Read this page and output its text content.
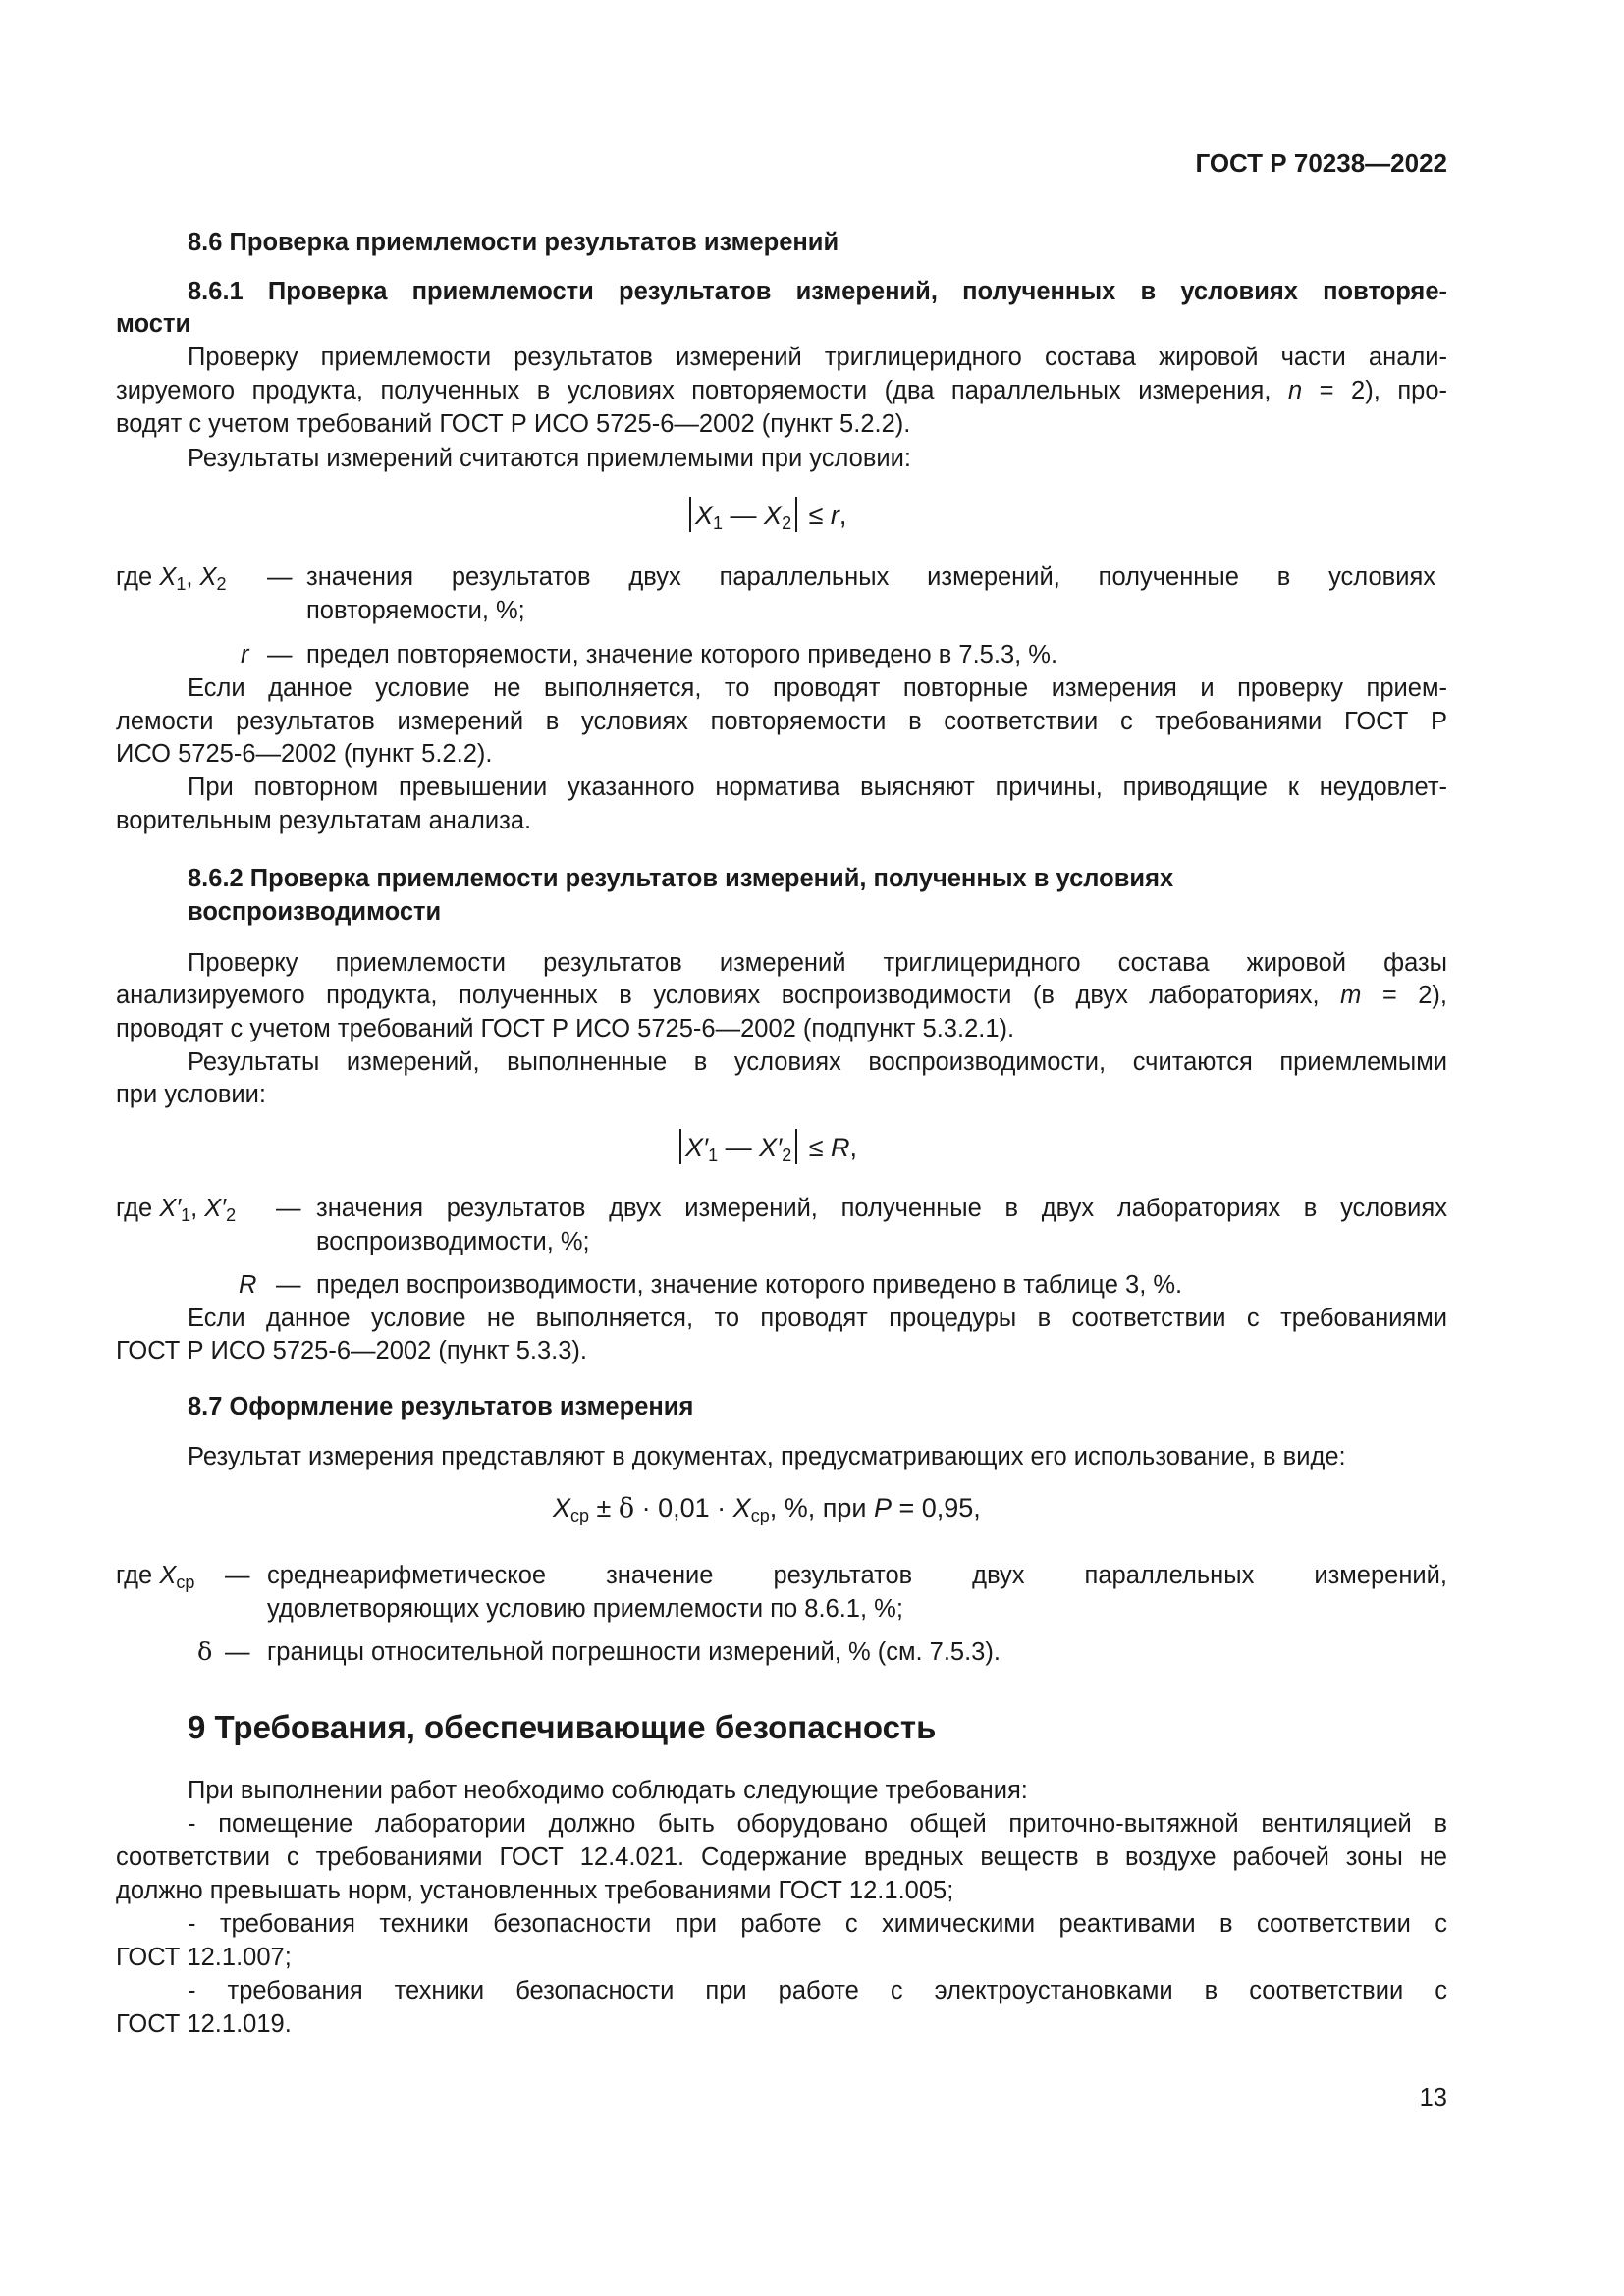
ГОСТ Р 70238—2022
8.6 Проверка приемлемости результатов измерений
8.6.1 Проверка приемлемости результатов измерений, полученных в условиях повторяе-
мости
Проверку приемлемости результатов измерений триглицеридного состава жировой части анали-
зируемого продукта, полученных в условиях повторяемости (два параллельных измерения, n = 2), про-
водят с учетом требований ГОСТ Р ИСО 5725-6—2002 (пункт 5.2.2).
Результаты измерений считаются приемлемыми при условии:
$X_1$ — $X_2 \le r$,
где $X_1$, $X_2$ — значения результатов двух параллельных измерений, полученные в условиях
повторяемости, %;
r — предел повторяемости, значение которого приведено в 7.5.3, %.
Если данное условие не выполняется, то проводят повторные измерения и проверку прием-
лемости результатов измерений в условиях повторяемости в соответствии с требованиями ГОСТ Р
ИСО 5725-6—2002 (пункт 5.2.2).
При повторном превышении указанного норматива выясняют причины, приводящие к неудовлет-
ворительным результатам анализа.
8.6.2 Проверка приемлемости результатов измерений, полученных в условиях
воспроизводимости
Проверку приемлемости результатов измерений триглицеридного состава жировой фазы
анализируемого продукта, полученных в условиях воспроизводимости (в двух лабораториях, m = 2),
проводят с учетом требований ГОСТ Р ИСО 5725-6—2002 (подпункт 5.3.2.1).
Результаты измерений, выполненные в условиях воспроизводимости, считаются приемлемыми
при условии:
$X'_1$ — $X'_2 \le R$,
где $X'_1$, $X'_2$ — значения результатов двух измерений, полученные в двух лабораториях в условиях
воспроизводимости, %;
R — предел воспроизводимости, значение которого приведено в таблице 3, %.
Если данное условие не выполняется, то проводят процедуры в соответствии с требованиями
ГОСТ Р ИСО 5725-6—2002 (пункт 5.3.3).
8.7 Оформление результатов измерения
Результат измерения представляют в документах, предусматривающих его использование, в виде:
$X_{ср} \pm \delta \cdot 0,01 \cdot X_{ср}$, %, при P = 0,95,
где $X_{ср}$ — среднеарифметическое значение результатов двух параллельных измерений,
удовлетворяющих условию приемлемости по 8.6.1, %;
δ — границы относительной погрешности измерений, % (см. 7.5.3).
9 Требования, обеспечивающие безопасность
При выполнении работ необходимо соблюдать следующие требования:
- помещение лаборатории должно быть оборудовано общей приточно-вытяжной вентиляцией в
соответствии с требованиями ГОСТ 12.4.021. Содержание вредных веществ в воздухе рабочей зоны не
должно превышать норм, установленных требованиями ГОСТ 12.1.005;
- требования техники безопасности при работе с химическими реактивами в соответствии с
ГОСТ 12.1.007;
- требования техники безопасности при работе с электроустановками в соответствии с
ГОСТ 12.1.019.
13
